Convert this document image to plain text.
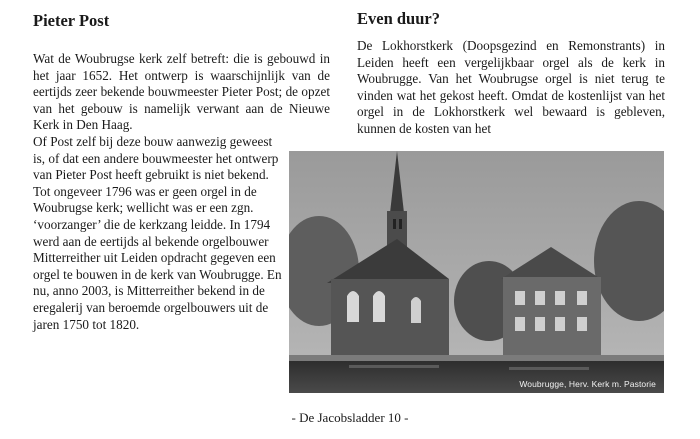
Pieter Post

Wat de Woubrugse kerk zelf betreft: die is gebouwd in het jaar 1652. Het ontwerp is waarschijnlijk van de eertijds zeer bekende bouwmeester Pieter Post; de opzet van het gebouw is namelijk verwant aan de Nieuwe Kerk in Den Haag.

Of Post zelf bij deze bouw aanwezig geweest is, of dat een andere bouwmeester het ontwerp van Pieter Post heeft gebruikt is niet bekend. Tot ongeveer 1796 was er geen orgel in de Woubrugse kerk; wellicht was er een zgn. ‘voorzanger’ die de kerkzang leidde. In 1794 werd aan de eertijds al bekende orgelbouwer Mitterreither uit Leiden opdracht gegeven een orgel te bouwen in de kerk van Woubrugge. En nu, anno 2003, is Mitterreither bekend in de eregalerij van beroemde orgelbouwers uit de jaren 1750 tot 1820.

Even duur?

De Lokhorstkerk (Doopsgezind en Remonstrants) in Leiden heeft een vergelijkbaar orgel als de kerk in Woubrugge. Van het Woubrugse orgel is niet terug te vinden wat het gekost heeft. Omdat de kostenlijst van het orgel in de Lokhorstkerk wel bewaard is gebleven, kunnen de kosten van het

Woubrugge, Herv. Kerk m. Pastorie
- De Jacobsladder 10 -
